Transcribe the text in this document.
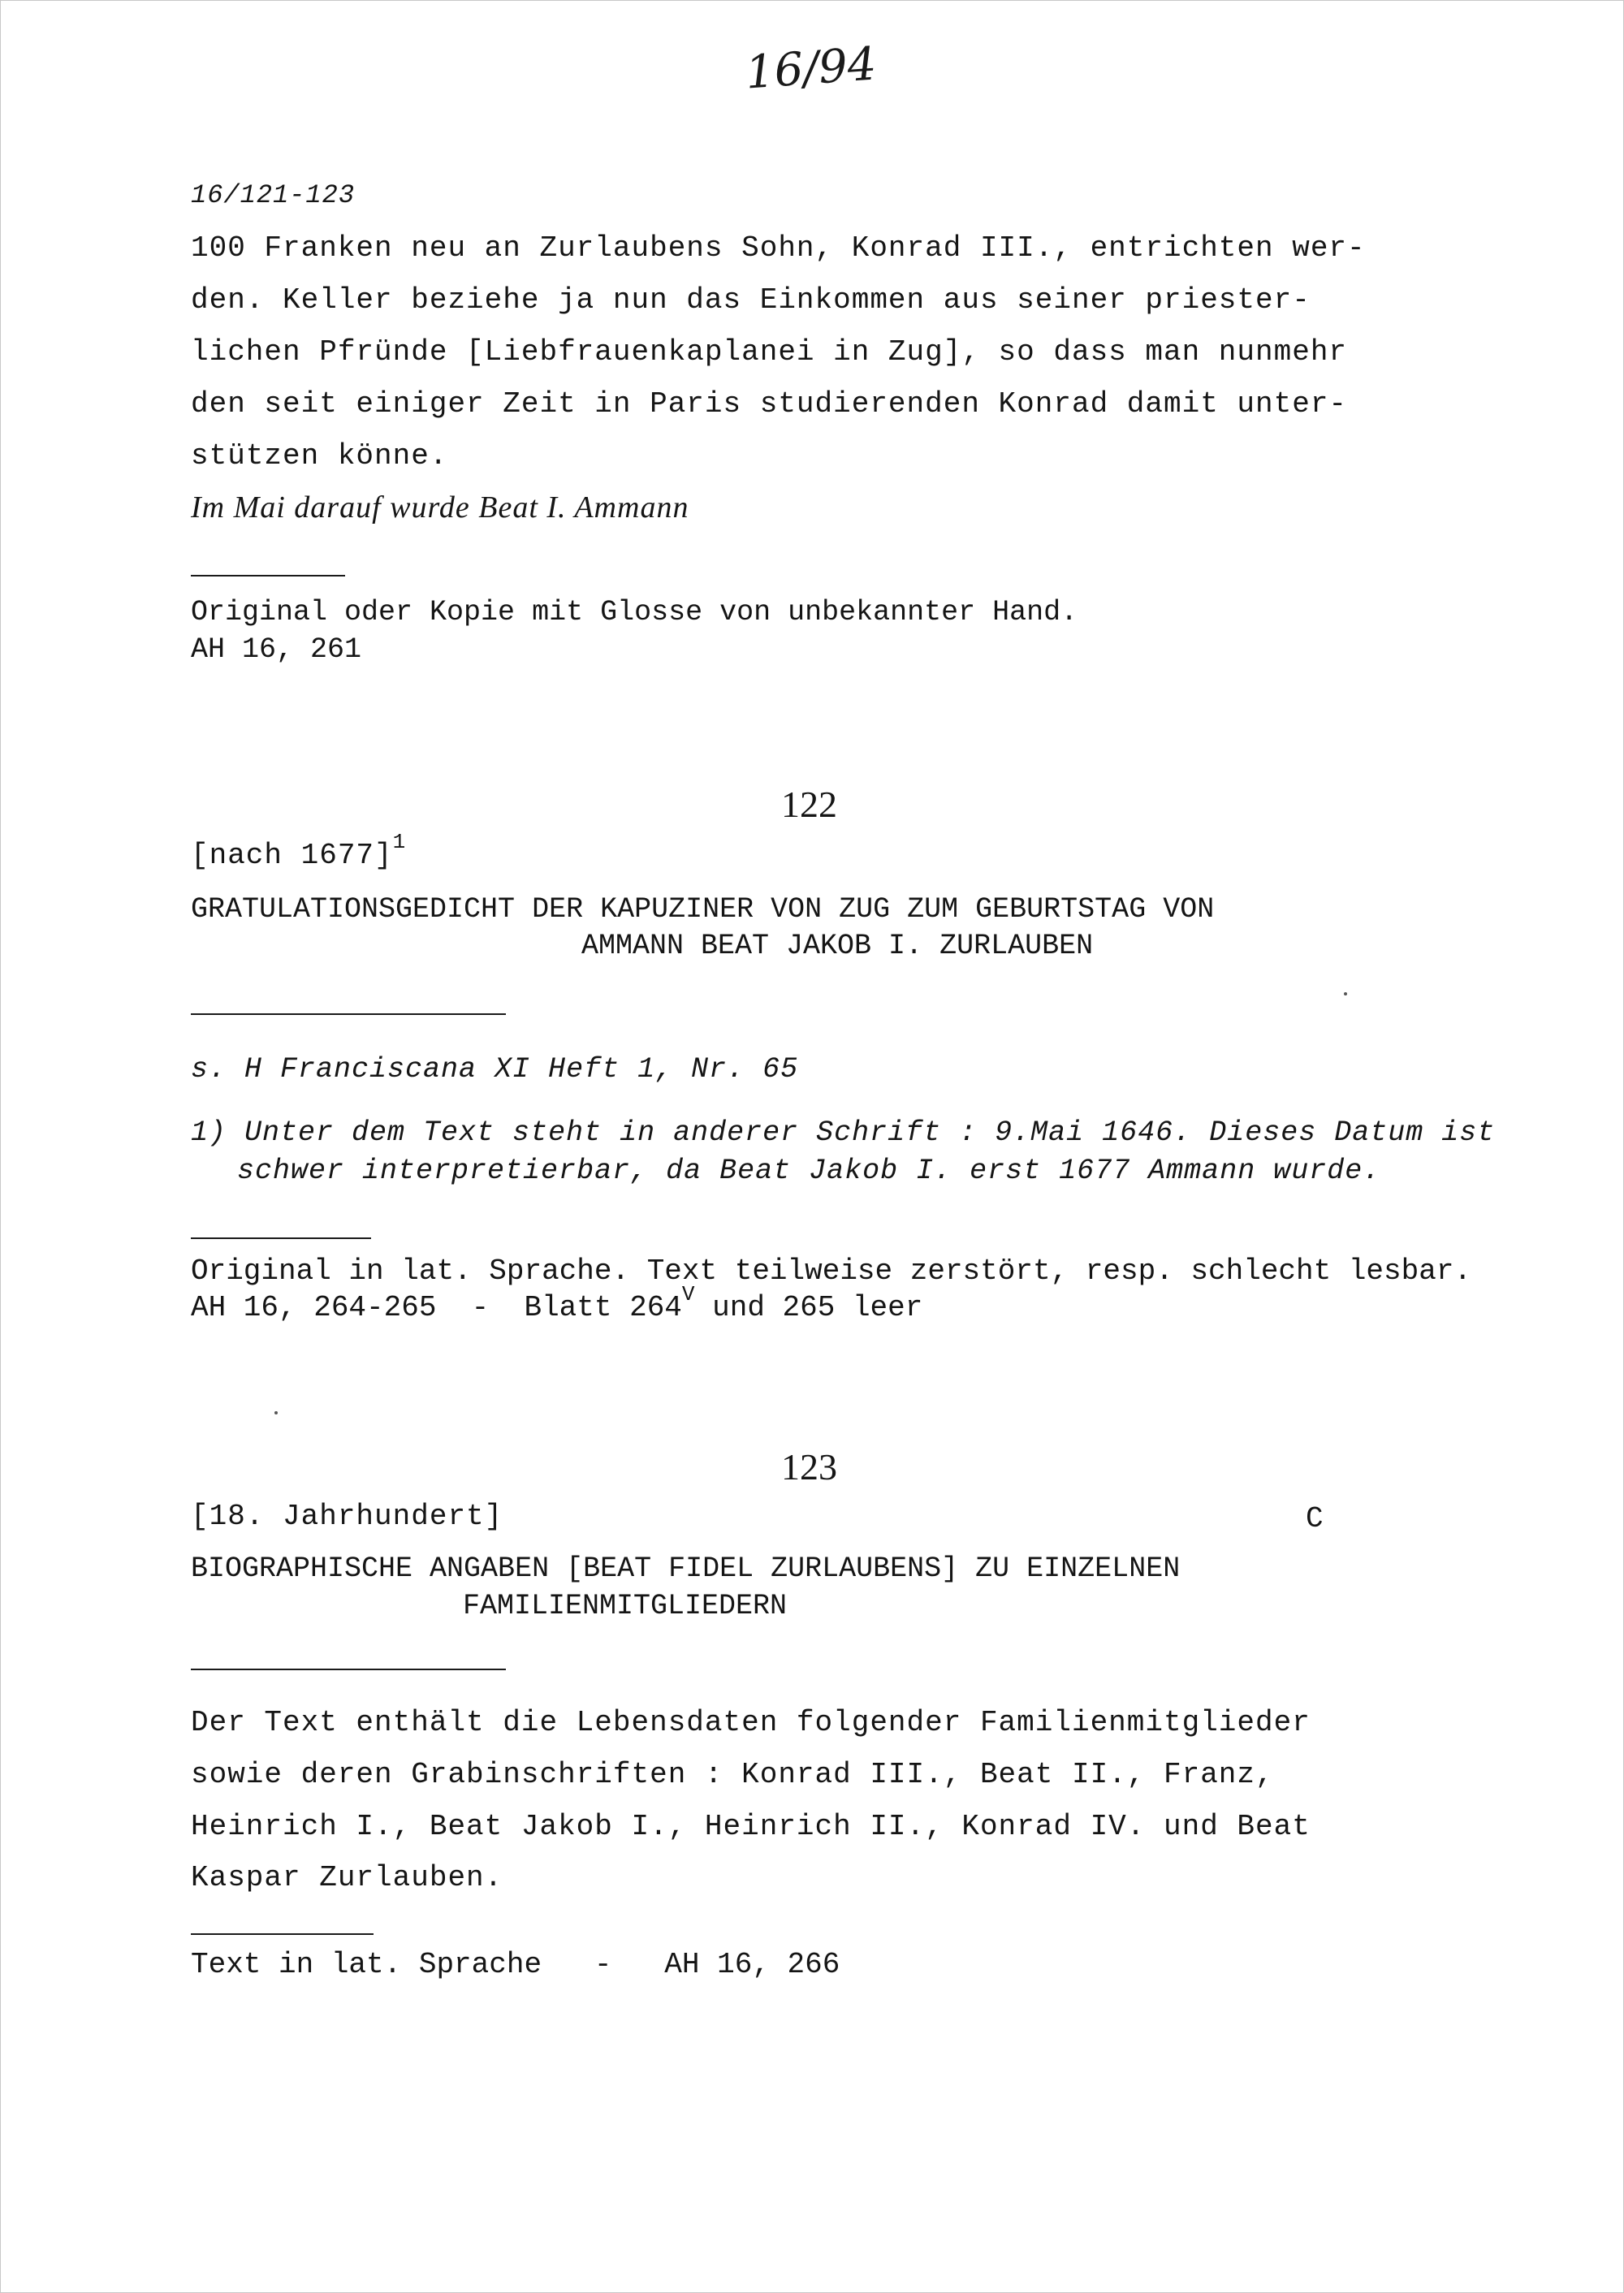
16/94
16/121-123
100 Franken neu an Zurlaubens Sohn, Konrad III., entrichten wer-
den. Keller beziehe ja nun das Einkommen aus seiner priester-
lichen Pfründe [Liebfrauenkaplanei in Zug], so dass man nunmehr
den seit einiger Zeit in Paris studierenden Konrad damit unter-
stützen könne.
Im Mai darauf wurde Beat I. Ammann
Original oder Kopie mit Glosse von unbekannter Hand.
AH 16, 261
122
[nach 1677]$^1$
GRATULATIONSGEDICHT DER KAPUZINER VON ZUG ZUM GEBURTSTAG VON
AMMANN BEAT JAKOB I. ZURLAUBEN
s. H Franciscana XI Heft 1, Nr. 65
1) Unter dem Text steht in anderer Schrift : 9.Mai 1646. Dieses Datum ist
schwer interpretierbar, da Beat Jakob I. erst 1677 Ammann wurde.
Original in lat. Sprache. Text teilweise zerstört, resp. schlecht lesbar.
AH 16, 264-265  -  Blatt $264^V$ und 265 leer
123
[18. Jahrhundert]	C
BIOGRAPHISCHE ANGABEN [BEAT FIDEL ZURLAUBENS] ZU EINZELNEN
FAMILIENMITGLIEDERN
Der Text enthält die Lebensdaten folgender Familienmitglieder
sowie deren Grabinschriften : Konrad III., Beat II., Franz,
Heinrich I., Beat Jakob I., Heinrich II., Konrad IV. und Beat
Kaspar Zurlauben.
Text in lat. Sprache   -   AH 16, 266
